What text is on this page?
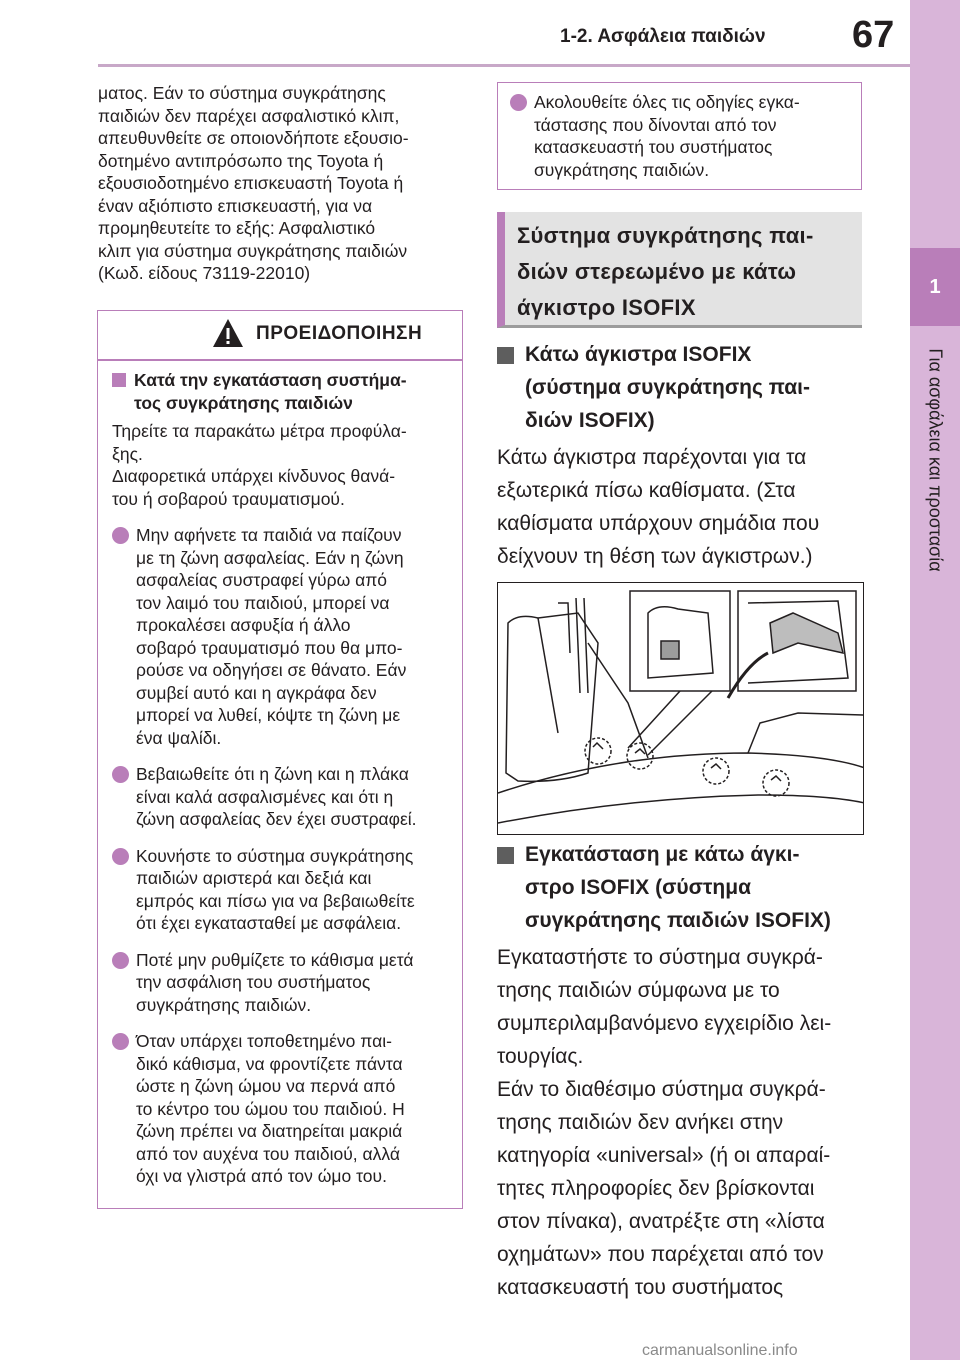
1-2. Ασφάλεια παιδιών 67
1
Για ασφάλεια και προστασία
ματος. Εάν το σύστημα συγκράτησης
παιδιών δεν παρέχει ασφαλιστικό κλιπ,
απευθυνθείτε σε οποιονδήποτε εξουσιο-
δοτημένο αντιπρόσωπο της Toyota ή
εξουσιοδοτημένο επισκευαστή Toyota ή
έναν αξιόπιστο επισκευαστή, για να
προμηθευτείτε το εξής: Ασφαλιστικό
κλιπ για σύστημα συγκράτησης παιδιών
(Κωδ. είδους 73119-22010)
ΠΡΟΕΙΔΟΠΟΙΗΣΗ
Κατά την εγκατάσταση συστήμα-
τος συγκράτησης παιδιών
Τηρείτε τα παρακάτω μέτρα προφύλα-
ξης.
Διαφορετικά υπάρχει κίνδυνος θανά-
του ή σοβαρού τραυματισμού.
Μην αφήνετε τα παιδιά να παίζουν
με τη ζώνη ασφαλείας. Εάν η ζώνη
ασφαλείας συστραφεί γύρω από
τον λαιμό του παιδιού, μπορεί να
προκαλέσει ασφυξία ή άλλο
σοβαρό τραυματισμό που θα μπο-
ρούσε να οδηγήσει σε θάνατο. Εάν
συμβεί αυτό και η αγκράφα δεν
μπορεί να λυθεί, κόψτε τη ζώνη με
ένα ψαλίδι.
Βεβαιωθείτε ότι η ζώνη και η πλάκα
είναι καλά ασφαλισμένες και ότι η
ζώνη ασφαλείας δεν έχει συστραφεί.
Κουνήστε το σύστημα συγκράτησης
παιδιών αριστερά και δεξιά και
εμπρός και πίσω για να βεβαιωθείτε
ότι έχει εγκατασταθεί με ασφάλεια.
Ποτέ μην ρυθμίζετε το κάθισμα μετά
την ασφάλιση του συστήματος
συγκράτησης παιδιών.
Όταν υπάρχει τοποθετημένο παι-
δικό κάθισμα, να φροντίζετε πάντα
ώστε η ζώνη ώμου να περνά από
το κέντρο του ώμου του παιδιού. Η
ζώνη πρέπει να διατηρείται μακριά
από τον αυχένα του παιδιού, αλλά
όχι να γλιστρά από τον ώμο του.
Ακολουθείτε όλες τις οδηγίες εγκα-
τάστασης που δίνονται από τον
κατασκευαστή του συστήματος
συγκράτησης παιδιών.
Σύστημα συγκράτησης παι-
διών στερεωμένο με κάτω
άγκιστρο ISOFIX
Κάτω άγκιστρα ISOFIX
(σύστημα συγκράτησης παι-
διών ISOFIX)
Κάτω άγκιστρα παρέχονται για τα
εξωτερικά πίσω καθίσματα. (Στα
καθίσματα υπάρχουν σημάδια που
δείχνουν τη θέση των άγκιστρων.)
Εγκατάσταση με κάτω άγκι-
στρο ISOFIX (σύστημα
συγκράτησης παιδιών ISOFIX)
Εγκαταστήστε το σύστημα συγκρά-
τησης παιδιών σύμφωνα με το
συμπεριλαμβανόμενο εγχειρίδιο λει-
τουργίας.
Εάν το διαθέσιμο σύστημα συγκρά-
τησης παιδιών δεν ανήκει στην
κατηγορία «universal» (ή οι απαραί-
τητες πληροφορίες δεν βρίσκονται
στον πίνακα), ανατρέξτε στη «λίστα
οχημάτων» που παρέχεται από τον
κατασκευαστή του συστήματος
carmanualsonline.info
